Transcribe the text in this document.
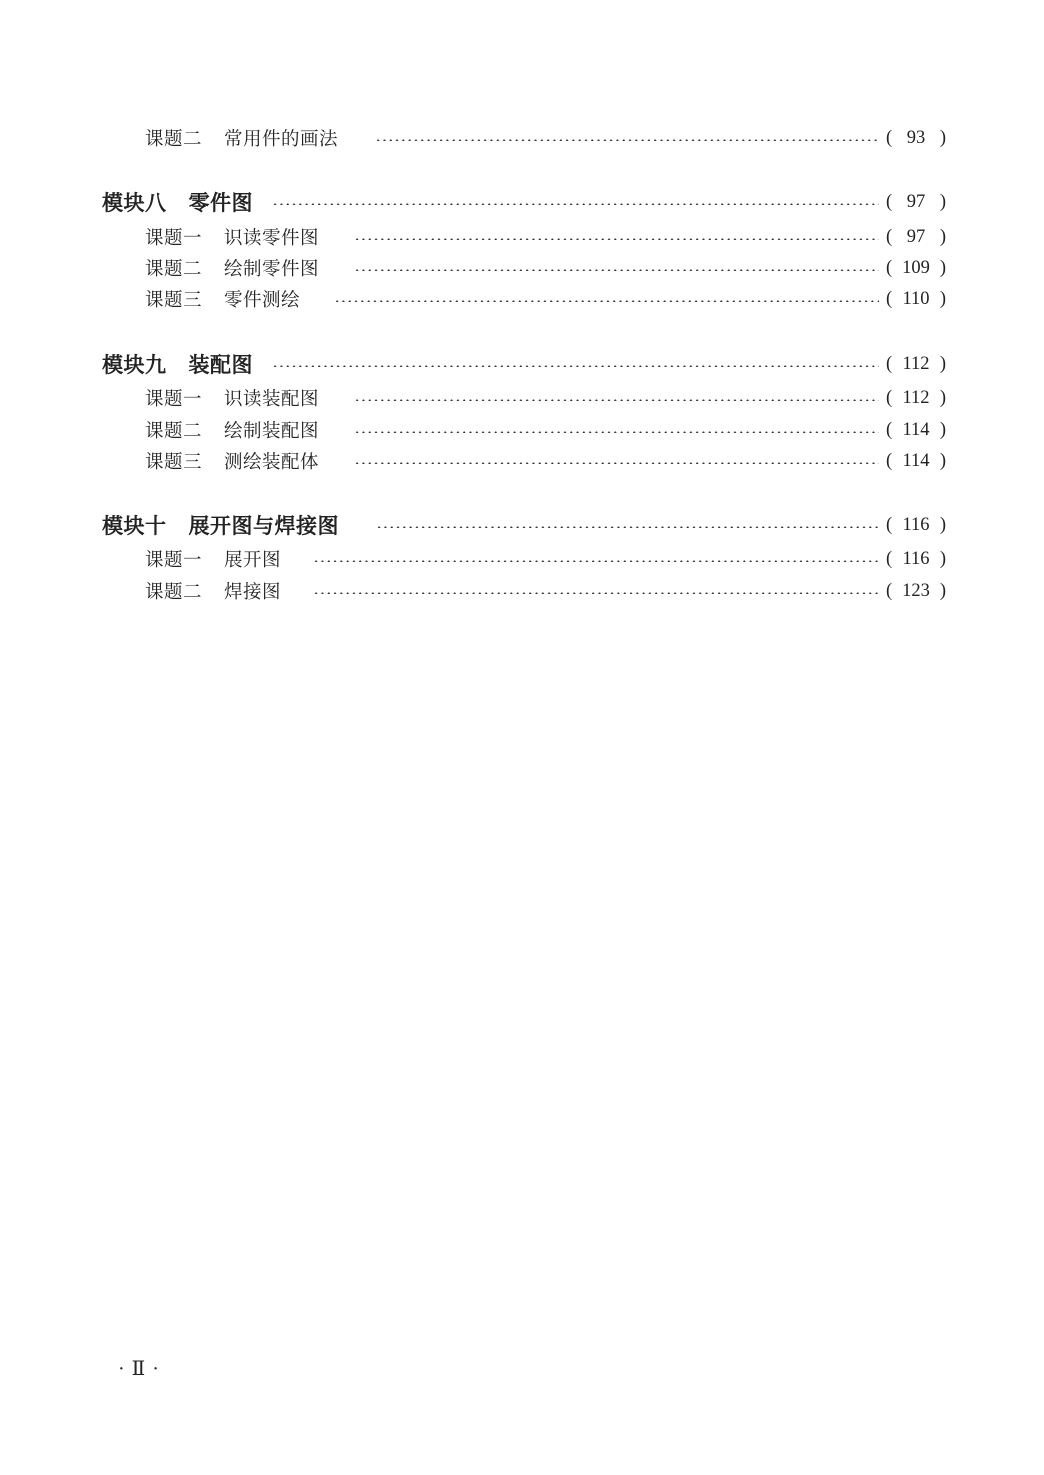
课题二 常用件的画法	( 93 )
模块八 零件图	( 97 )
课题一 识读零件图	( 97 )
课题二 绘制零件图	( 109 )
课题三 零件测绘	( 110 )
模块九 装配图	( 112 )
课题一 识读装配图	( 112 )
课题二 绘制装配图	( 114 )
课题三 测绘装配体	( 114 )
模块十 展开图与焊接图	( 116 )
课题一 展开图	( 116 )
课题二 焊接图	( 123 )
· Ⅱ ·
